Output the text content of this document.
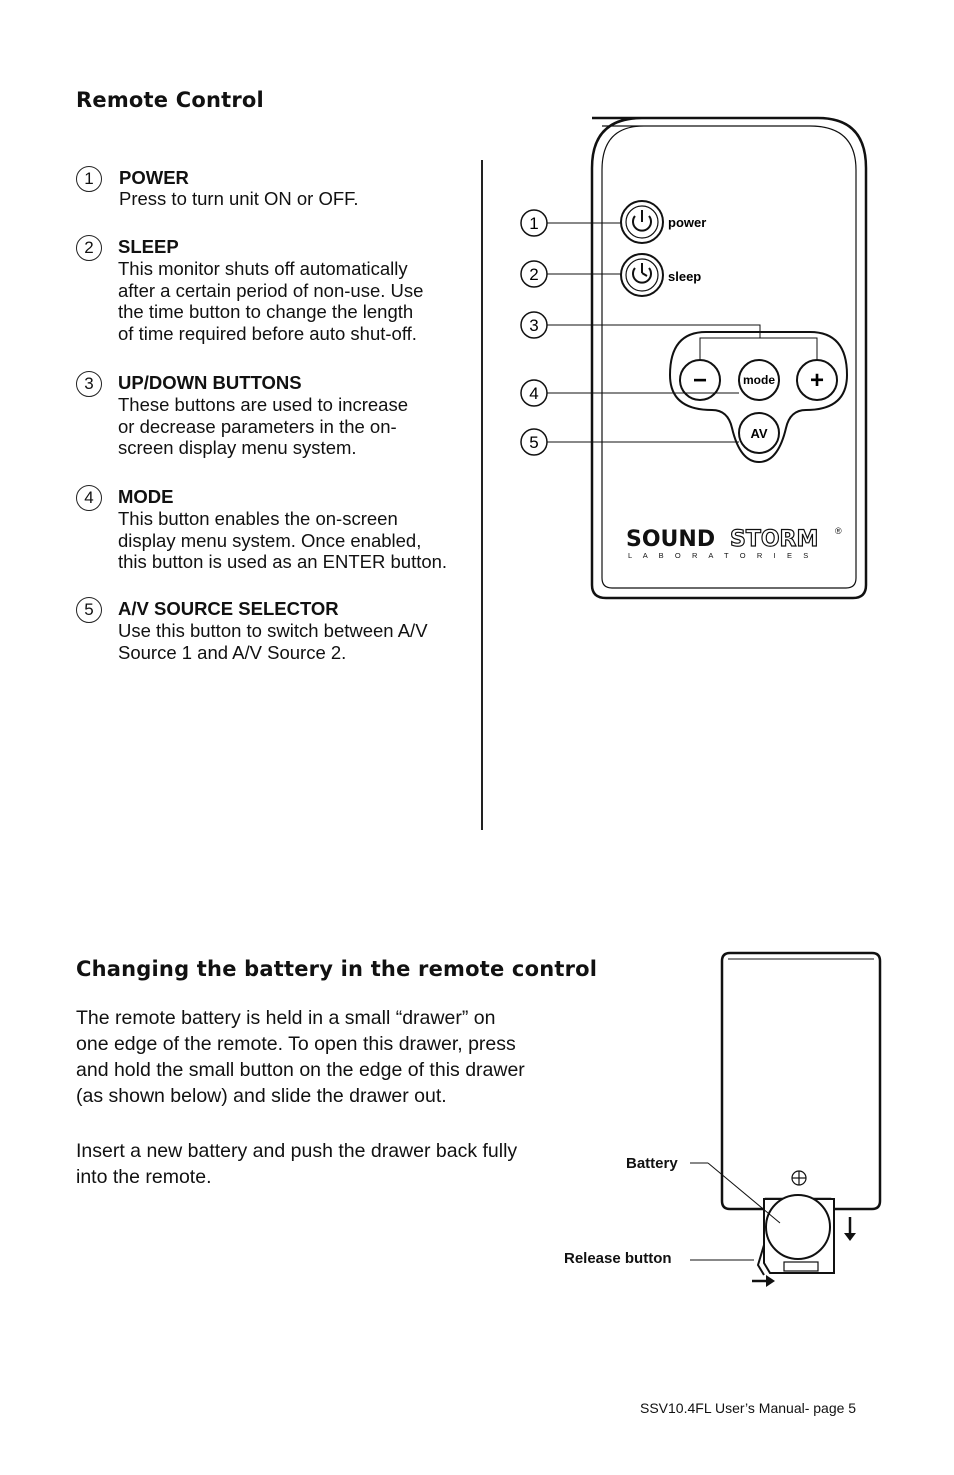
Remote Control
1	POWER
Press to turn unit ON or OFF.
2	SLEEP
This monitor shuts off automatically
after a certain period of non-use. Use
the time button to change the length
of time required before auto shut-off.
3	UP/DOWN BUTTONS
These buttons are used to increase
or decrease parameters in the on-
screen display menu system.
4	MODE
This button enables the on-screen
display menu system. Once enabled,
this button is used as an ENTER button.
5	A/V SOURCE SELECTOR
Use this button to switch between A/V
Source 1 and A/V Source 2.
power
sleep
−	mode +
AV
1
2
3
4
5
SOUND STORM ®
L A B O R A T O R I E S
Changing the battery in the remote control
The remote battery is held in a small “drawer” on
one edge of the remote. To open this drawer, press
and hold the small button on the edge of this drawer
(as shown below) and slide the drawer out.
Insert a new battery and push the drawer back fully
into the remote.
Battery
Release button
SSV10.4FL User’s Manual- page 5
